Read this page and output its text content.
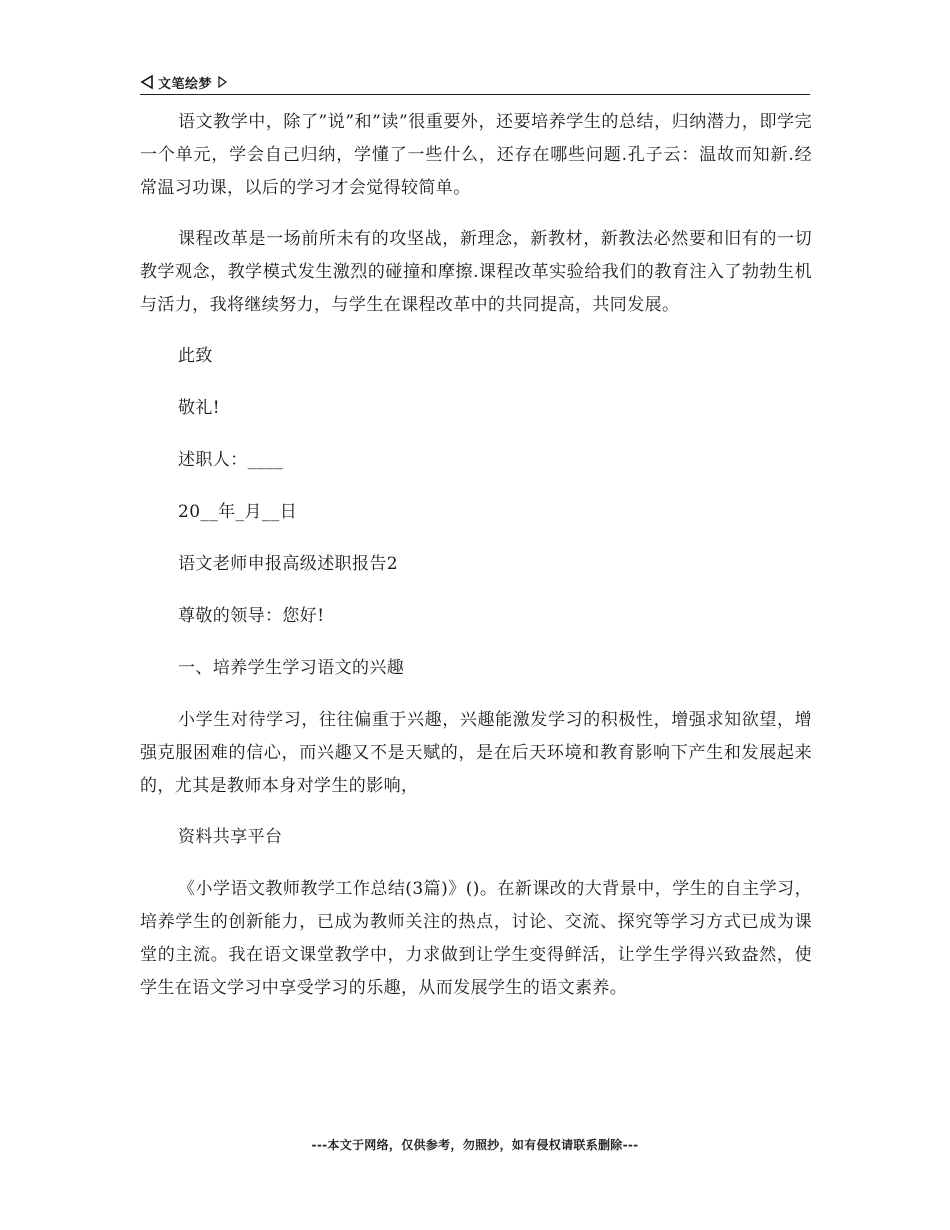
文笔绘梦

语文教学中，除了”说”和”读”很重要外，还要培养学生的总结，归纳潜力，即学完一个单元，学会自己归纳，学懂了一些什么，还存在哪些问题.孔子云：温故而知新.经常温习功课，以后的学习才会觉得较简单。

课程改革是一场前所未有的攻坚战，新理念，新教材，新教法必然要和旧有的一切教学观念，教学模式发生激烈的碰撞和摩擦.课程改革实验给我们的教育注入了勃勃生机与活力，我将继续努力，与学生在课程改革中的共同提高，共同发展。

此致

敬礼!

述职人：____

20__年_月__日

语文老师申报高级述职报告2

尊敬的领导：您好!

一、培养学生学习语文的兴趣

小学生对待学习，往往偏重于兴趣，兴趣能激发学习的积极性，增强求知欲望，增强克服困难的信心，而兴趣又不是天赋的，是在后天环境和教育影响下产生和发展起来的，尤其是教师本身对学生的影响，

资料共享平台

《小学语文教师教学工作总结(3篇)》()。在新课改的大背景中，学生的自主学习，培养学生的创新能力，已成为教师关注的热点，讨论、交流、探究等学习方式已成为课堂的主流。我在语文课堂教学中，力求做到让学生变得鲜活，让学生学得兴致盎然，使学生在语文学习中享受学习的乐趣，从而发展学生的语文素养。

---本文于网络，仅供参考，勿照抄，如有侵权请联系删除---
